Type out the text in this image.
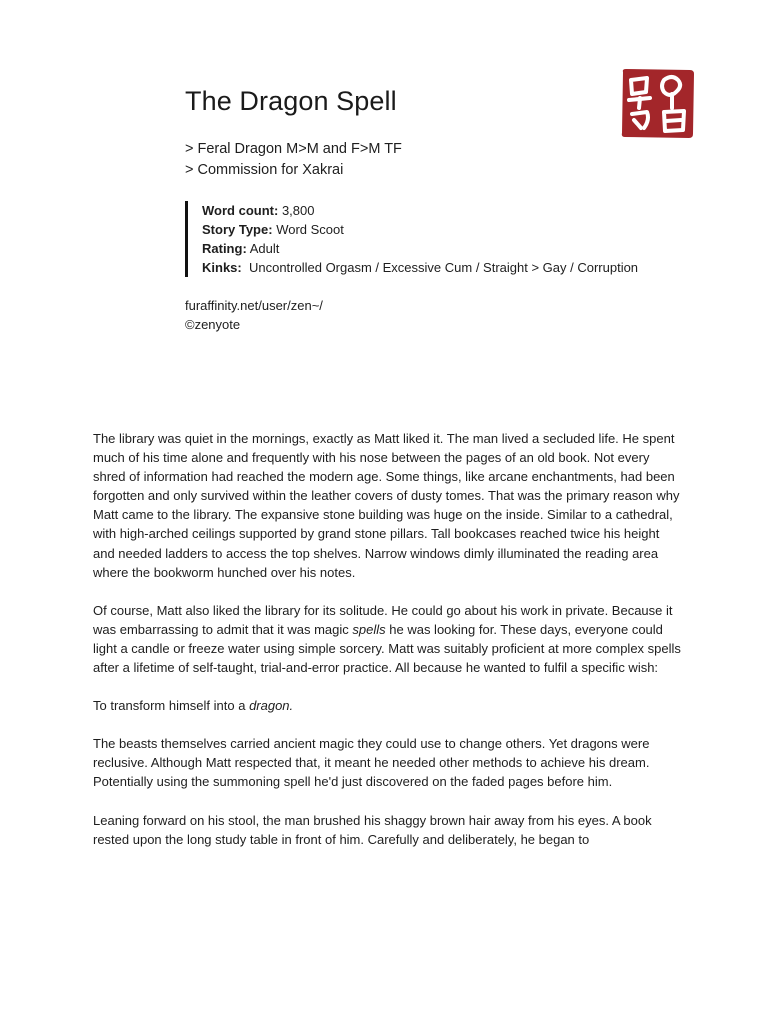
The Dragon Spell
> Feral Dragon M>M and F>M TF
> Commission for Xakrai
Word count: 3,800
Story Type: Word Scoot
Rating: Adult
Kinks: Uncontrolled Orgasm / Excessive Cum / Straight > Gay / Corruption
furaffinity.net/user/zen~/
©zenyote

The library was quiet in the mornings, exactly as Matt liked it. The man lived a secluded life. He spent much of his time alone and frequently with his nose between the pages of an old book. Not every shred of information had reached the modern age. Some things, like arcane enchantments, had been forgotten and only survived within the leather covers of dusty tomes. That was the primary reason why Matt came to the library. The expansive stone building was huge on the inside. Similar to a cathedral, with high-arched ceilings supported by grand stone pillars. Tall bookcases reached twice his height and needed ladders to access the top shelves. Narrow windows dimly illuminated the reading area where the bookworm hunched over his notes.

Of course, Matt also liked the library for its solitude. He could go about his work in private. Because it was embarrassing to admit that it was magic spells he was looking for. These days, everyone could light a candle or freeze water using simple sorcery. Matt was suitably proficient at more complex spells after a lifetime of self-taught, trial-and-error practice. All because he wanted to fulfil a specific wish:

To transform himself into a dragon.

The beasts themselves carried ancient magic they could use to change others. Yet dragons were reclusive. Although Matt respected that, it meant he needed other methods to achieve his dream. Potentially using the summoning spell he'd just discovered on the faded pages before him.

Leaning forward on his stool, the man brushed his shaggy brown hair away from his eyes. A book rested upon the long study table in front of him. Carefully and deliberately, he began to
